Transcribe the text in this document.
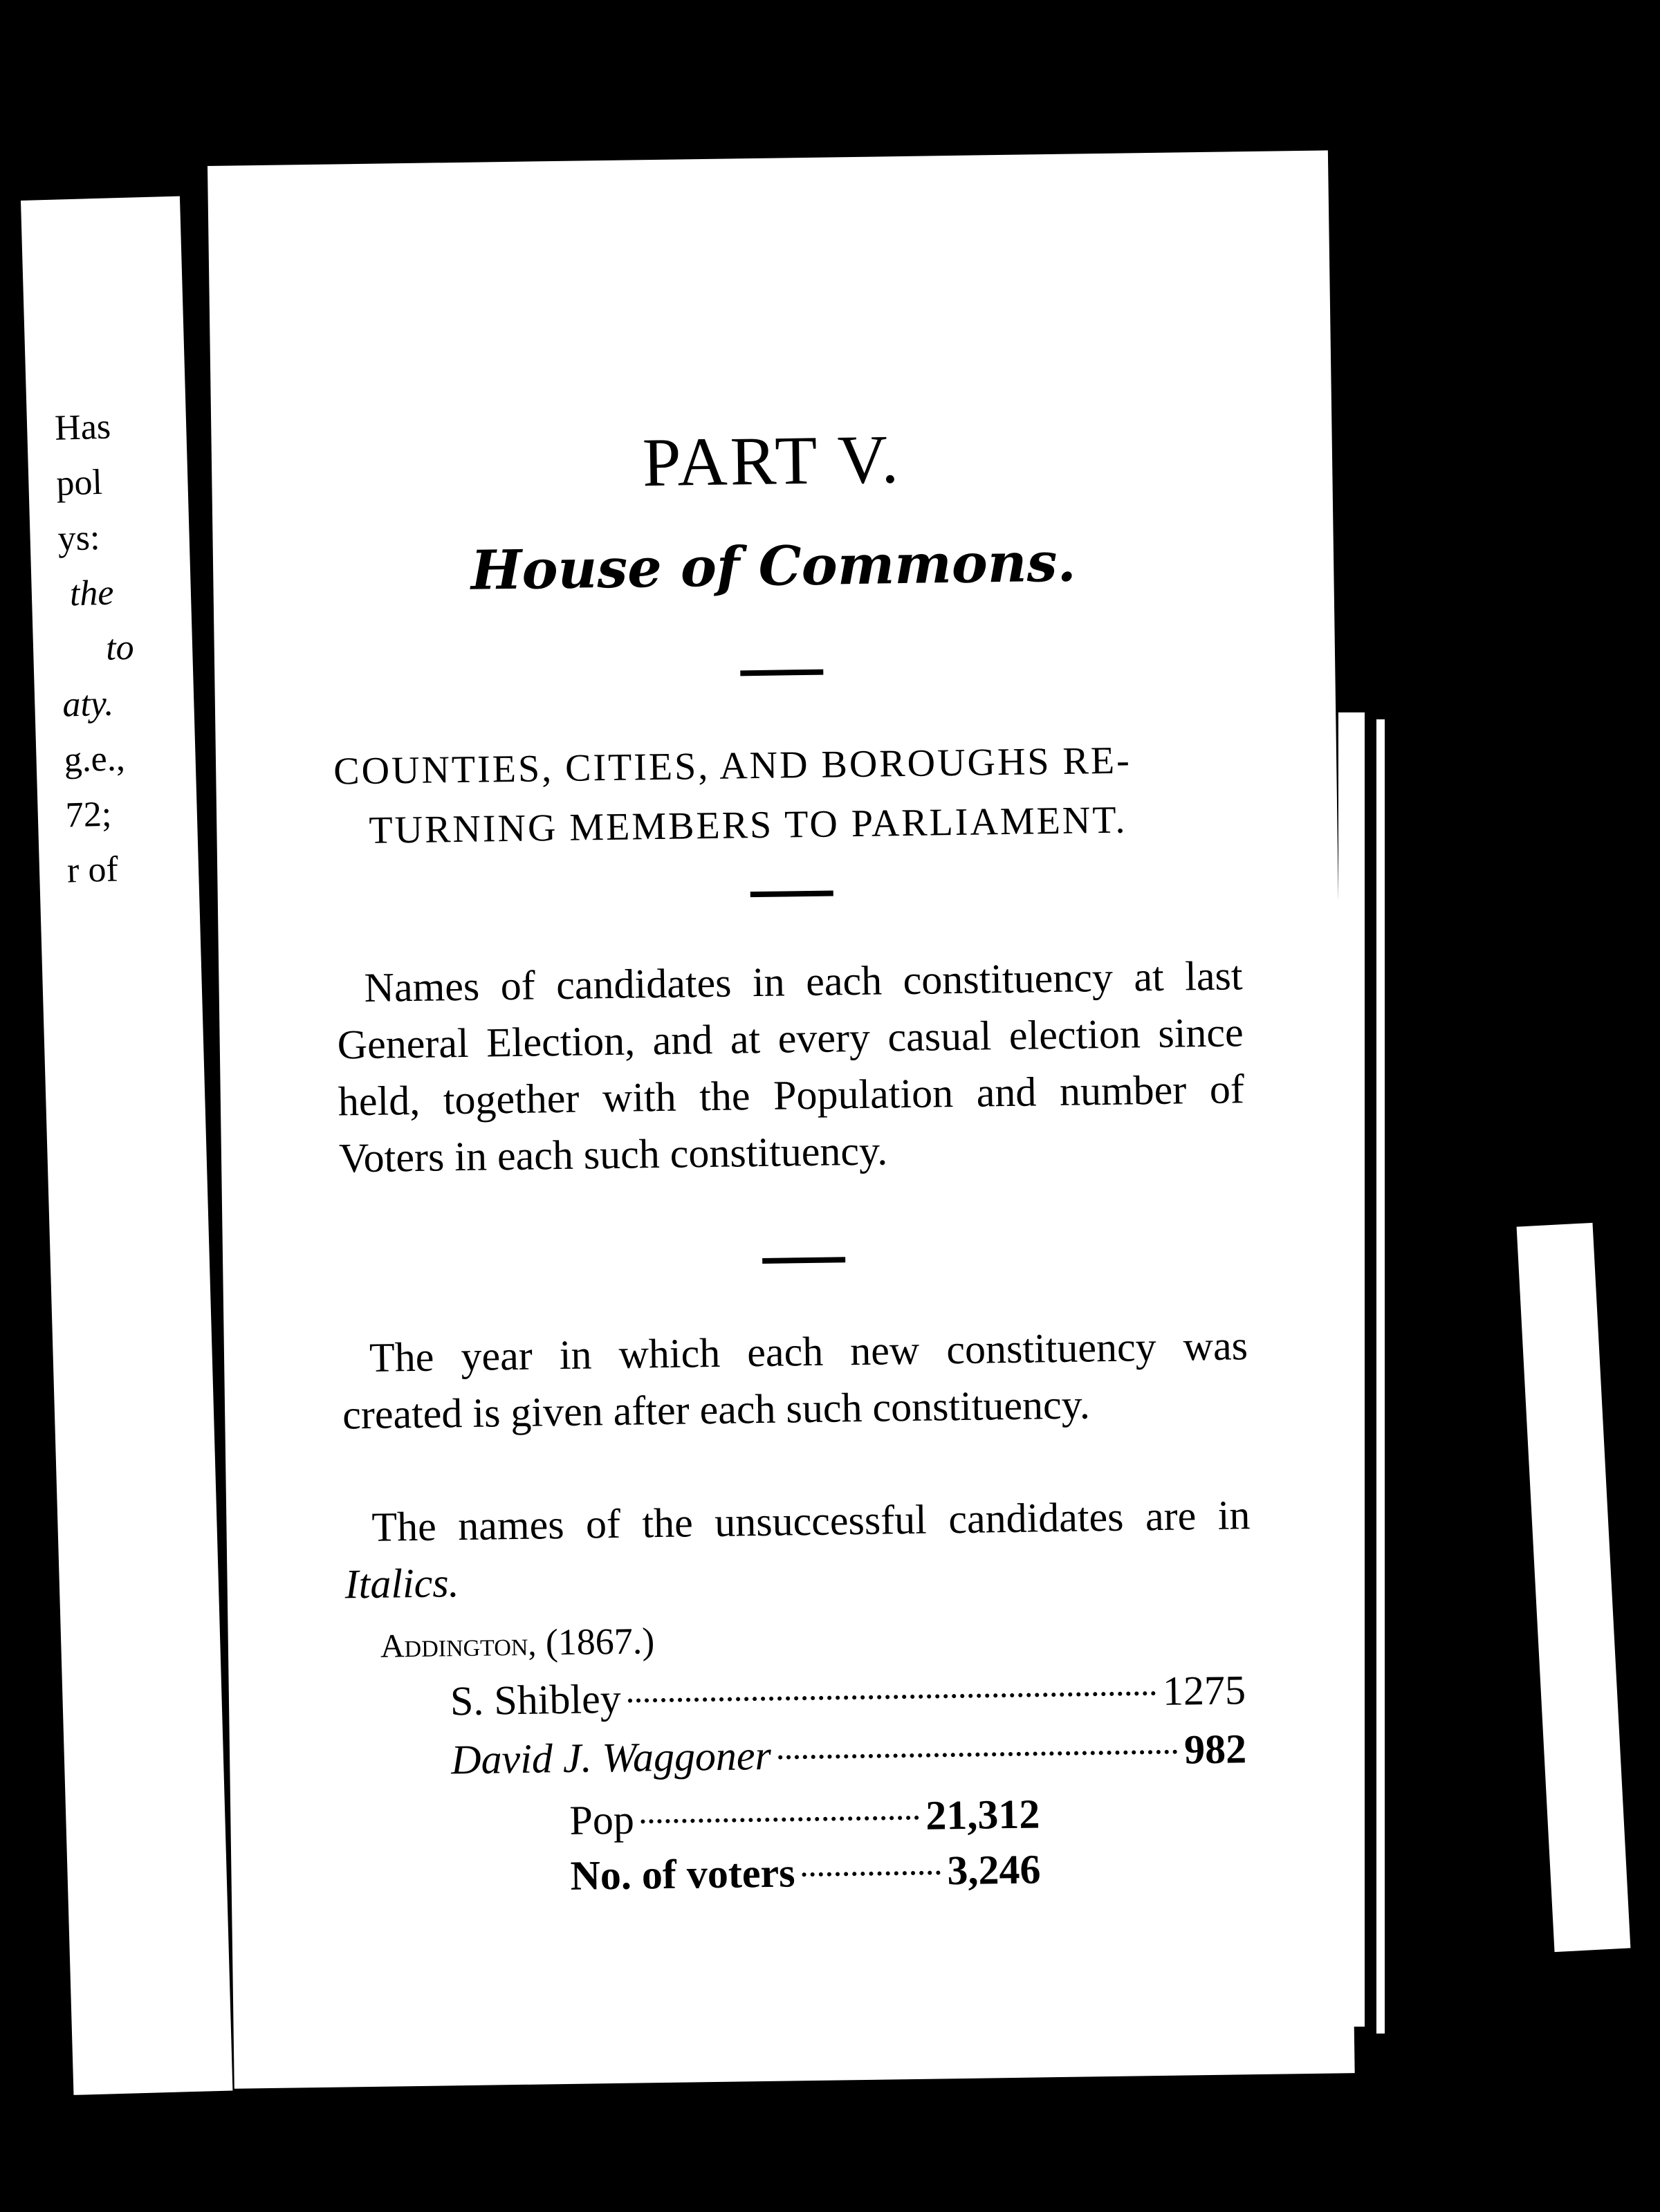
Has
pol
ys:
the
to
aty.
g.e.,
72;
r of
PART V.
House of Commons.
COUNTIES, CITIES, AND BOROUGHS RE-
TURNING MEMBERS TO PARLIAMENT.
Names of candidates in each constituency at last General Election, and at every casual election since held, together with the Population and number of Voters in each such constituency.
The year in which each new constituency was created is given after each such constituency.
The names of the unsuccessful candidates are in Italics.
Addington, (1867.)
S. Shibley	1275
David J. Waggoner	982
Pop	21,312
No. of voters	3,246
